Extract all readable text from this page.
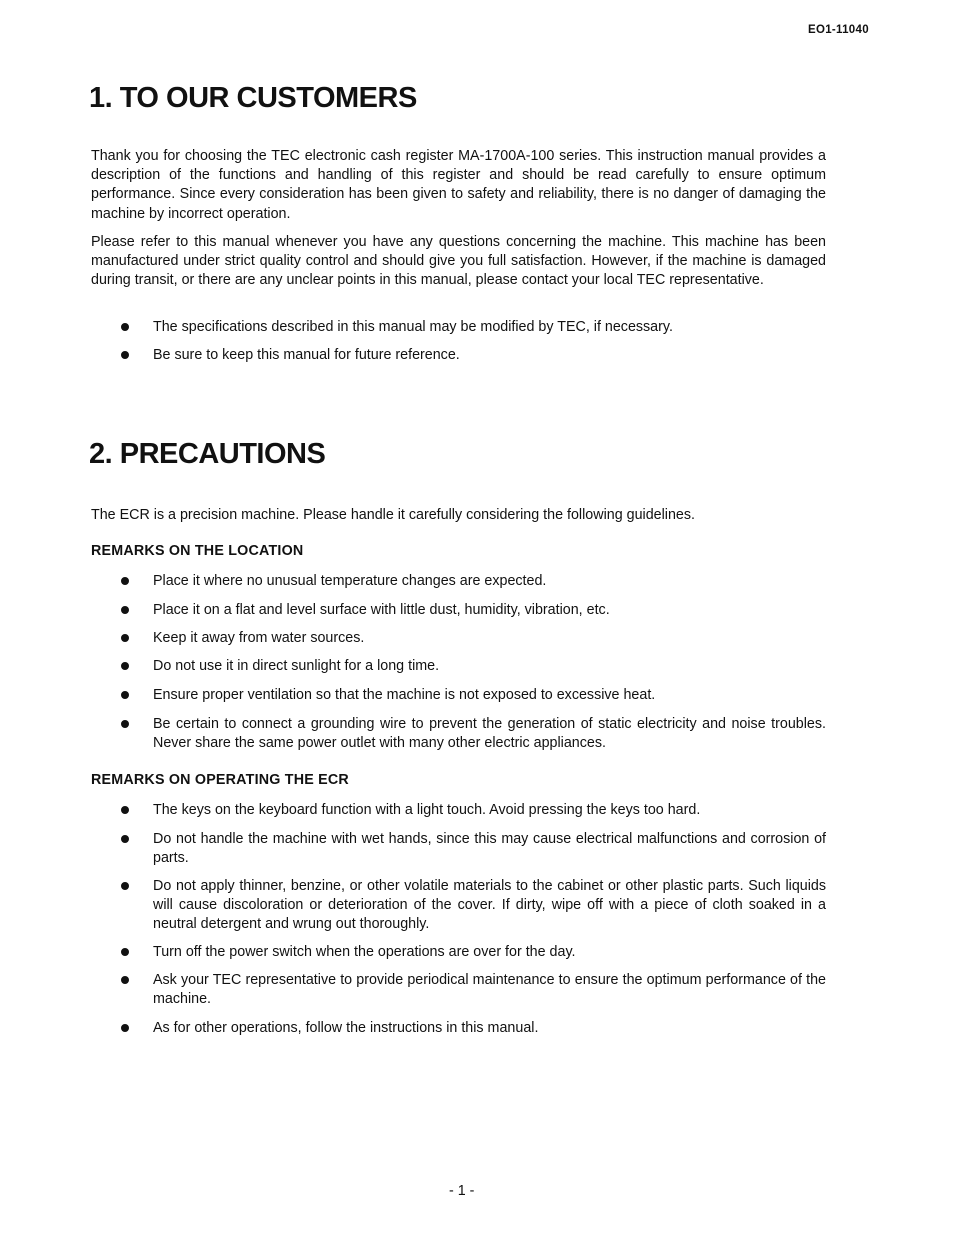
EO1-11040
1. TO OUR CUSTOMERS

Thank you for choosing the TEC electronic cash register MA-1700A-100 series. This instruction manual provides a description of the functions and handling of this register and should be read carefully to ensure optimum performance. Since every consideration has been given to safety and reliability, there is no danger of damaging the machine by incorrect operation.

Please refer to this manual whenever you have any questions concerning the machine. This machine has been manufactured under strict quality control and should give you full satisfaction. However, if the machine is damaged during transit, or there are any unclear points in this manual, please contact your local TEC representative.

The specifications described in this manual may be modified by TEC, if necessary.
Be sure to keep this manual for future reference.
2. PRECAUTIONS

The ECR is a precision machine. Please handle it carefully considering the following guidelines.

REMARKS ON THE LOCATION
Place it where no unusual temperature changes are expected.
Place it on a flat and level surface with little dust, humidity, vibration, etc.
Keep it away from water sources.
Do not use it in direct sunlight for a long time.
Ensure proper ventilation so that the machine is not exposed to excessive heat.
Be certain to connect a grounding wire to prevent the generation of static electricity and noise troubles. Never share the same power outlet with many other electric appliances.
REMARKS ON OPERATING THE ECR
The keys on the keyboard function with a light touch. Avoid pressing the keys too hard.
Do not handle the machine with wet hands, since this may cause electrical malfunctions and corrosion of parts.
Do not apply thinner, benzine, or other volatile materials to the cabinet or other plastic parts. Such liquids will cause discoloration or deterioration of the cover. If dirty, wipe off with a piece of cloth soaked in a neutral detergent and wrung out thoroughly.
Turn off the power switch when the operations are over for the day.
Ask your TEC representative to provide periodical maintenance to ensure the optimum performance of the machine.
As for other operations, follow the instructions in this manual.
- 1 -
